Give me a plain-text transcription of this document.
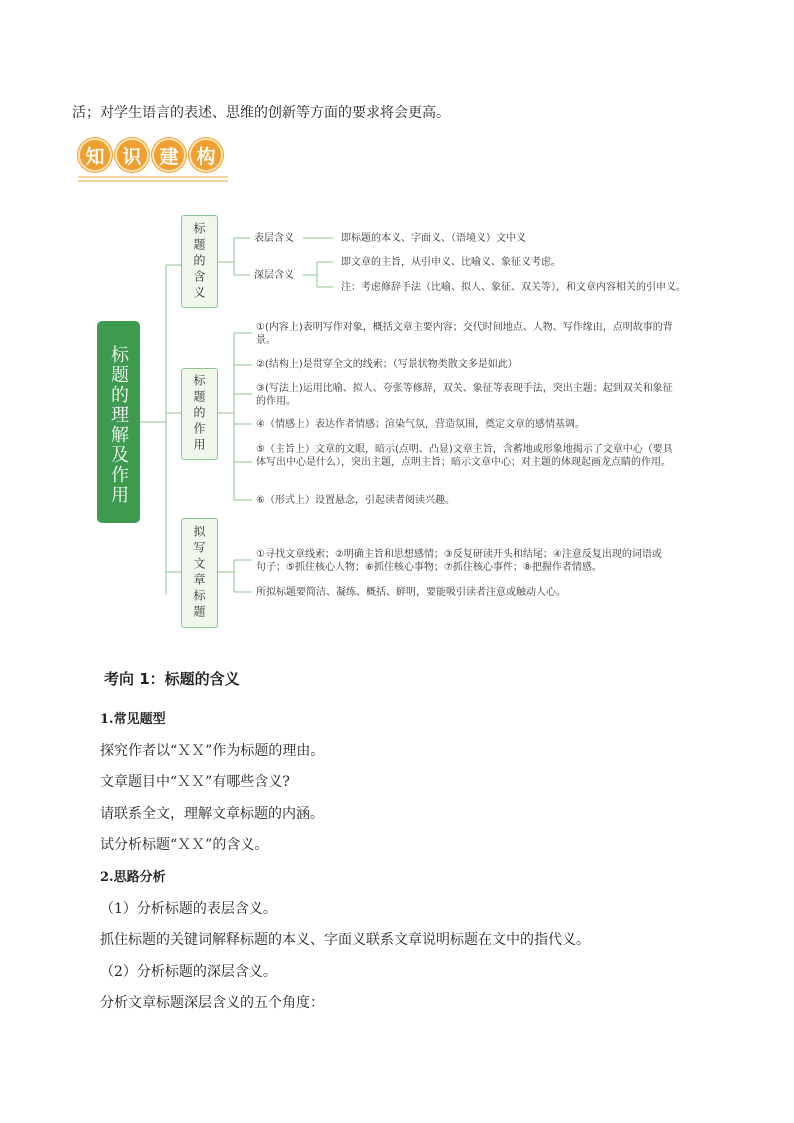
活；对学生语言的表述、思维的创新等方面的要求将会更高。
知 识 建 构
标题的理解及作用
标题的含义
标题的作用
拟写文章标题
表层含义	即标题的本义、字面义、（语境义）文中义
深层含义
即文章的主旨，从引申义、比喻义、象征义考虑。
注：考虑修辞手法（比喻、拟人、象征、双关等），和文章内容相关的引申义。
①(内容上)表明写作对象，概括文章主要内容；交代时间地点、人物、写作缘由，点明故事的背景。
②(结构上)是贯穿全文的线索；（写景状物类散文多是如此）
③(写法上)运用比喻、拟人、夸张等修辞，双关、象征等表现手法，突出主题；起到双关和象征的作用。
④（情感上）表达作者情感；渲染气氛，营造氛围，奠定文章的感情基调。
⑤（主旨上）文章的文眼，暗示(点明、凸显)文章主旨，含蓄地或形象地揭示了文章中心（要具体写出中心是什么），突出主题，点明主旨；暗示文章中心；对主题的体现起画龙点睛的作用。
⑥（形式上）设置悬念，引起读者阅读兴趣。
①寻找文章线索；②明确主旨和思想感情；③反复研读开头和结尾；④注意反复出现的词语或句子；⑤抓住核心人物；⑥抓住核心事物；⑦抓住核心事件；⑧把握作者情感。
所拟标题要简洁、凝练、概括、鲜明，要能吸引读者注意或触动人心。
考向 1：标题的含义
1.常见题型
探究作者以“ＸＸ”作为标题的理由。
文章题目中“ＸＸ”有哪些含义?
请联系全文，理解文章标题的内涵。
试分析标题“ＸＸ”的含义。
2.思路分析
（1）分析标题的表层含义。
抓住标题的关键词解释标题的本义、字面义联系文章说明标题在文中的指代义。
（2）分析标题的深层含义。
分析文章标题深层含义的五个角度：
